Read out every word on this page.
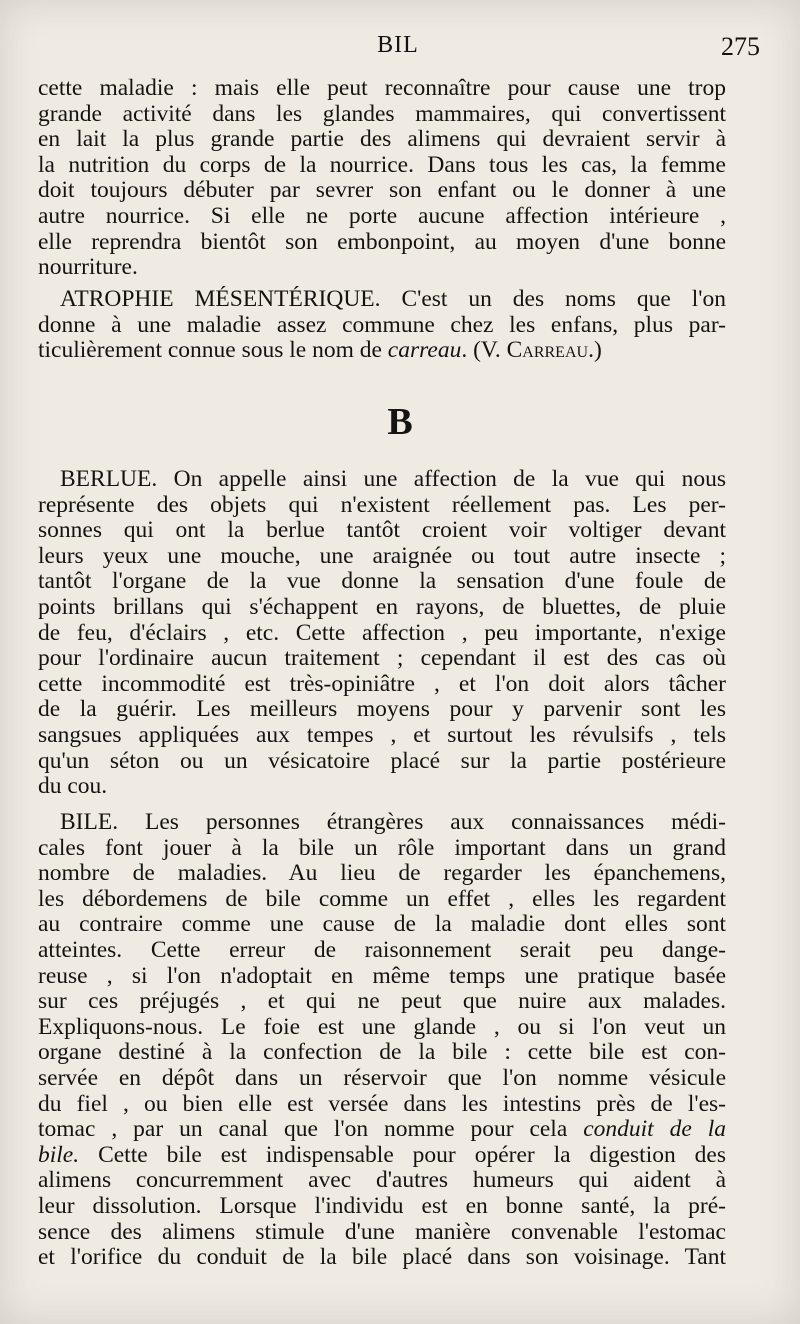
BIL	275
cette maladie : mais elle peut reconnaître pour cause une trop
grande activité dans les glandes mammaires, qui convertissent
en lait la plus grande partie des alimens qui devraient servir à
la nutrition du corps de la nourrice. Dans tous les cas, la femme
doit toujours débuter par sevrer son enfant ou le donner à une
autre nourrice. Si elle ne porte aucune affection intérieure ,
elle reprendra bientôt son embonpoint, au moyen d'une bonne
nourriture.
ATROPHIE MÉSENTÉRIQUE. C'est un des noms que l'on
donne à une maladie assez commune chez les enfans, plus par-
ticulièrement connue sous le nom de carreau. (V. Carreau.)
B
BERLUE. On appelle ainsi une affection de la vue qui nous
représente des objets qui n'existent réellement pas. Les per-
sonnes qui ont la berlue tantôt croient voir voltiger devant
leurs yeux une mouche, une araignée ou tout autre insecte ;
tantôt l'organe de la vue donne la sensation d'une foule de
points brillans qui s'échappent en rayons, de bluettes, de pluie
de feu, d'éclairs , etc. Cette affection , peu importante, n'exige
pour l'ordinaire aucun traitement ; cependant il est des cas où
cette incommodité est très-opiniâtre , et l'on doit alors tâcher
de la guérir. Les meilleurs moyens pour y parvenir sont les
sangsues appliquées aux tempes , et surtout les révulsifs , tels
qu'un séton ou un vésicatoire placé sur la partie postérieure
du cou.
BILE. Les personnes étrangères aux connaissances médi-
cales font jouer à la bile un rôle important dans un grand
nombre de maladies. Au lieu de regarder les épanchemens,
les débordemens de bile comme un effet , elles les regardent
au contraire comme une cause de la maladie dont elles sont
atteintes. Cette erreur de raisonnement serait peu dange-
reuse , si l'on n'adoptait en même temps une pratique basée
sur ces préjugés , et qui ne peut que nuire aux malades.
Expliquons-nous. Le foie est une glande , ou si l'on veut un
organe destiné à la confection de la bile : cette bile est con-
servée en dépôt dans un réservoir que l'on nomme vésicule
du fiel , ou bien elle est versée dans les intestins près de l'es-
tomac , par un canal que l'on nomme pour cela conduit de la
bile. Cette bile est indispensable pour opérer la digestion des
alimens concurremment avec d'autres humeurs qui aident à
leur dissolution. Lorsque l'individu est en bonne santé, la pré-
sence des alimens stimule d'une manière convenable l'estomac
et l'orifice du conduit de la bile placé dans son voisinage. Tant
